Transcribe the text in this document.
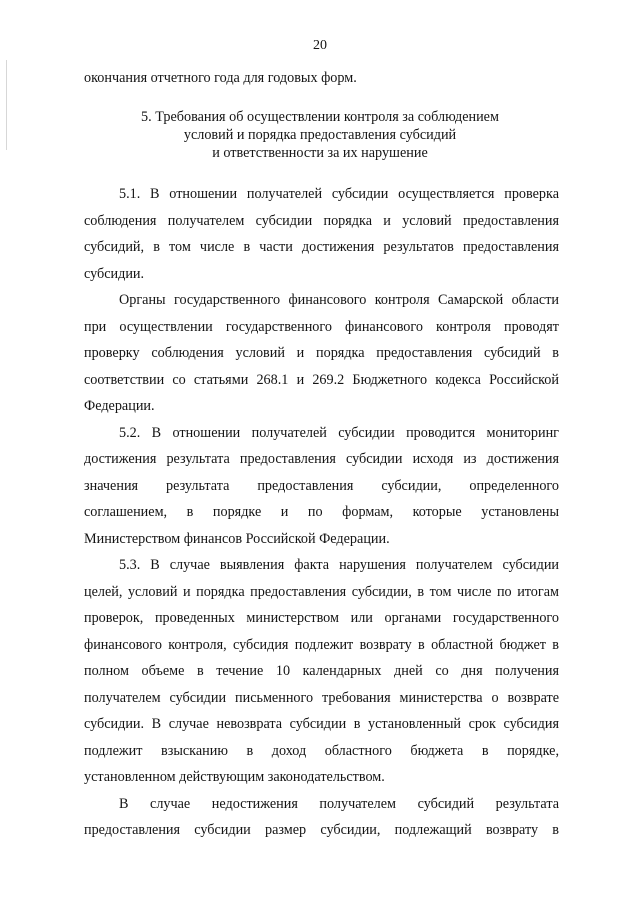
20
окончания отчетного года для годовых форм.
5. Требования об осуществлении контроля за соблюдением
условий и порядка предоставления субсидий
и ответственности за их нарушение
5.1. В отношении получателей субсидии осуществляется проверка
соблюдения получателем субсидии порядка и условий предоставления
субсидий, в том числе в части достижения результатов предоставления
субсидии.
Органы государственного финансового контроля Самарской области
при осуществлении государственного финансового контроля проводят
проверку соблюдения условий и порядка предоставления субсидий в
соответствии со статьями 268.1 и 269.2 Бюджетного кодекса Российской
Федерации.
5.2. В отношении получателей субсидии проводится мониторинг
достижения результата предоставления субсидии исходя из достижения
значения результата предоставления субсидии, определенного
соглашением, в порядке и по формам, которые установлены
Министерством финансов Российской Федерации.
5.3. В случае выявления факта нарушения получателем субсидии
целей, условий и порядка предоставления субсидии, в том числе по итогам
проверок, проведенных министерством или органами государственного
финансового контроля, субсидия подлежит возврату в областной бюджет в
полном объеме в течение 10 календарных дней со дня получения
получателем субсидии письменного требования министерства о возврате
субсидии. В случае невозврата субсидии в установленный срок субсидия
подлежит взысканию в доход областного бюджета в порядке,
установленном действующим законодательством.
В случае недостижения получателем субсидий результата
предоставления субсидии размер субсидии, подлежащий возврату в
